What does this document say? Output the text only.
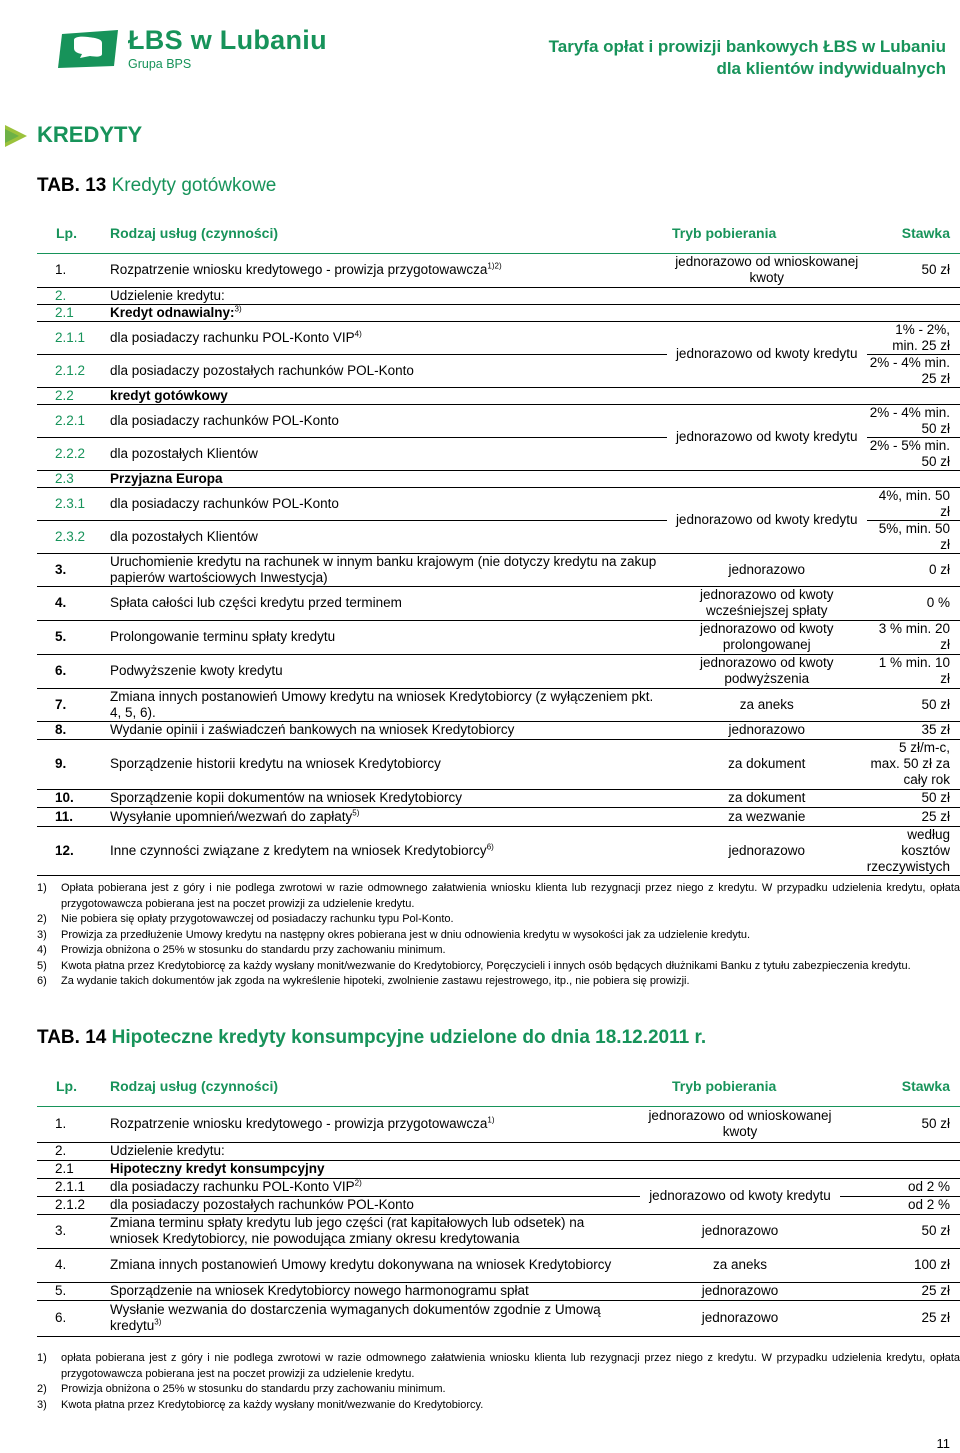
ŁBS w Lubaniu
Grupa BPS
Taryfa opłat i prowizji bankowych ŁBS w Lubaniu
dla klientów indywidualnych
KREDYTY
TAB. 13 Kredyty gotówkowe
Lp. Rodzaj usług (czynności)	Tryb pobierania	Stawka
1.	Rozpatrzenie wniosku kredytowego - prowizja przygotowawcza$^{1)2)}$	jednorazowo od wnioskowanej kwoty	50 zł
2.	Udzielenie kredytu:		
2.1	Kredyt odnawialny:$^{3)}$		
2.1.1	dla posiadaczy rachunku POL-Konto VIP$^{4)}$	jednorazowo od kwoty kredytu	1% - 2%, min. 25 zł
2.1.2	dla posiadaczy pozostałych rachunków POL-Konto		2% - 4% min. 25 zł
2.2	kredyt gotówkowy		
2.2.1	dla posiadaczy rachunków POL-Konto	jednorazowo od kwoty kredytu	2% - 4% min. 50 zł
2.2.2	dla pozostałych Klientów		2% - 5% min. 50 zł
2.3	Przyjazna Europa		
2.3.1	dla posiadaczy rachunków POL-Konto	jednorazowo od kwoty kredytu	4%, min. 50 zł
2.3.2	dla pozostałych Klientów		5%, min. 50 zł
3.	Uruchomienie kredytu na rachunek w innym banku krajowym (nie dotyczy kredytu na zakup papierów wartościowych Inwestycja)	jednorazowo	0 zł
4.	Spłata całości lub części kredytu przed terminem	jednorazowo od kwoty wcześniejszej spłaty	0 %
5.	Prolongowanie terminu spłaty kredytu	jednorazowo od kwoty prolongowanej	3 % min. 20 zł
6.	Podwyższenie kwoty kredytu	jednorazowo od kwoty podwyższenia	1 % min. 10 zł
7.	Zmiana innych postanowień Umowy kredytu na wniosek Kredytobiorcy (z wyłączeniem pkt. 4, 5, 6).	za aneks	50 zł
8.	Wydanie opinii i zaświadczeń bankowych na wniosek Kredytobiorcy	jednorazowo	35 zł
9.	Sporządzenie historii kredytu na wniosek Kredytobiorcy	za dokument	5 zł/m-c, max. 50 zł za cały rok
10.	Sporządzenie kopii dokumentów na wniosek Kredytobiorcy	za dokument	50 zł
11.	Wysyłanie upomnień/wezwań do zapłaty$^{5)}$	za wezwanie	25 zł
12.	Inne czynności związane z kredytem na wniosek Kredytobiorcy$^{6)}$	jednorazowo	według kosztów rzeczywistych
1)	Opłata pobierana jest z góry i nie podlega zwrotowi w razie odmownego załatwienia wniosku klienta lub rezygnacji przez niego z kredytu. W przypadku udzielenia kredytu, opłata przygotowawcza pobierana jest na poczet prowizji za udzielenie kredytu.
2)	Nie pobiera się opłaty przygotowawczej od posiadaczy rachunku typu Pol-Konto.
3)	Prowizja za przedłużenie Umowy kredytu na następny okres pobierana jest w dniu odnowienia kredytu w wysokości jak za udzielenie kredytu.
4)	Prowizja obniżona o 25% w stosunku do standardu przy zachowaniu minimum.
5)	Kwota płatna przez Kredytobiorcę za każdy wysłany monit/wezwanie do Kredytobiorcy, Poręczycieli i innych osób będących dłużnikami Banku z tytułu zabezpieczenia kredytu.
6)	Za wydanie takich dokumentów jak zgoda na wykreślenie hipoteki, zwolnienie zastawu rejestrowego, itp., nie pobiera się prowizji.
TAB. 14 Hipoteczne kredyty konsumpcyjne udzielone do dnia 18.12.2011 r.
Lp. Rodzaj usług (czynności)	Tryb pobierania	Stawka
1.	Rozpatrzenie wniosku kredytowego - prowizja przygotowawcza$^{1)}$	jednorazowo od wnioskowanej kwoty	50 zł
2.	Udzielenie kredytu:		
2.1	Hipoteczny kredyt konsumpcyjny		
2.1.1	dla posiadaczy rachunku POL-Konto VIP$^{2)}$	jednorazowo od kwoty kredytu	od 2 %
2.1.2	dla posiadaczy pozostałych rachunków POL-Konto		od 2 %
3.	Zmiana terminu spłaty kredytu lub jego części (rat kapitałowych lub odsetek) na wniosek Kredytobiorcy, nie powodująca zmiany okresu kredytowania	jednorazowo	50 zł
4.	Zmiana innych postanowień Umowy kredytu dokonywana na wniosek Kredytobiorcy	za aneks	100 zł
5.	Sporządzenie na wniosek Kredytobiorcy nowego harmonogramu spłat	jednorazowo	25 zł
6.	Wysłanie wezwania do dostarczenia wymaganych dokumentów zgodnie z Umową kredytu$^{3)}$	jednorazowo	25 zł
1)	opłata pobierana jest z góry i nie podlega zwrotowi w razie odmownego załatwienia wniosku klienta lub rezygnacji przez niego z kredytu. W przypadku udzielenia kredytu, opłata przygotowawcza pobierana jest na poczet prowizji za udzielenie kredytu.
2)	Prowizja obniżona o 25% w stosunku do standardu przy zachowaniu minimum.
3)	Kwota płatna przez Kredytobiorcę za każdy wysłany monit/wezwanie do Kredytobiorcy.
11
